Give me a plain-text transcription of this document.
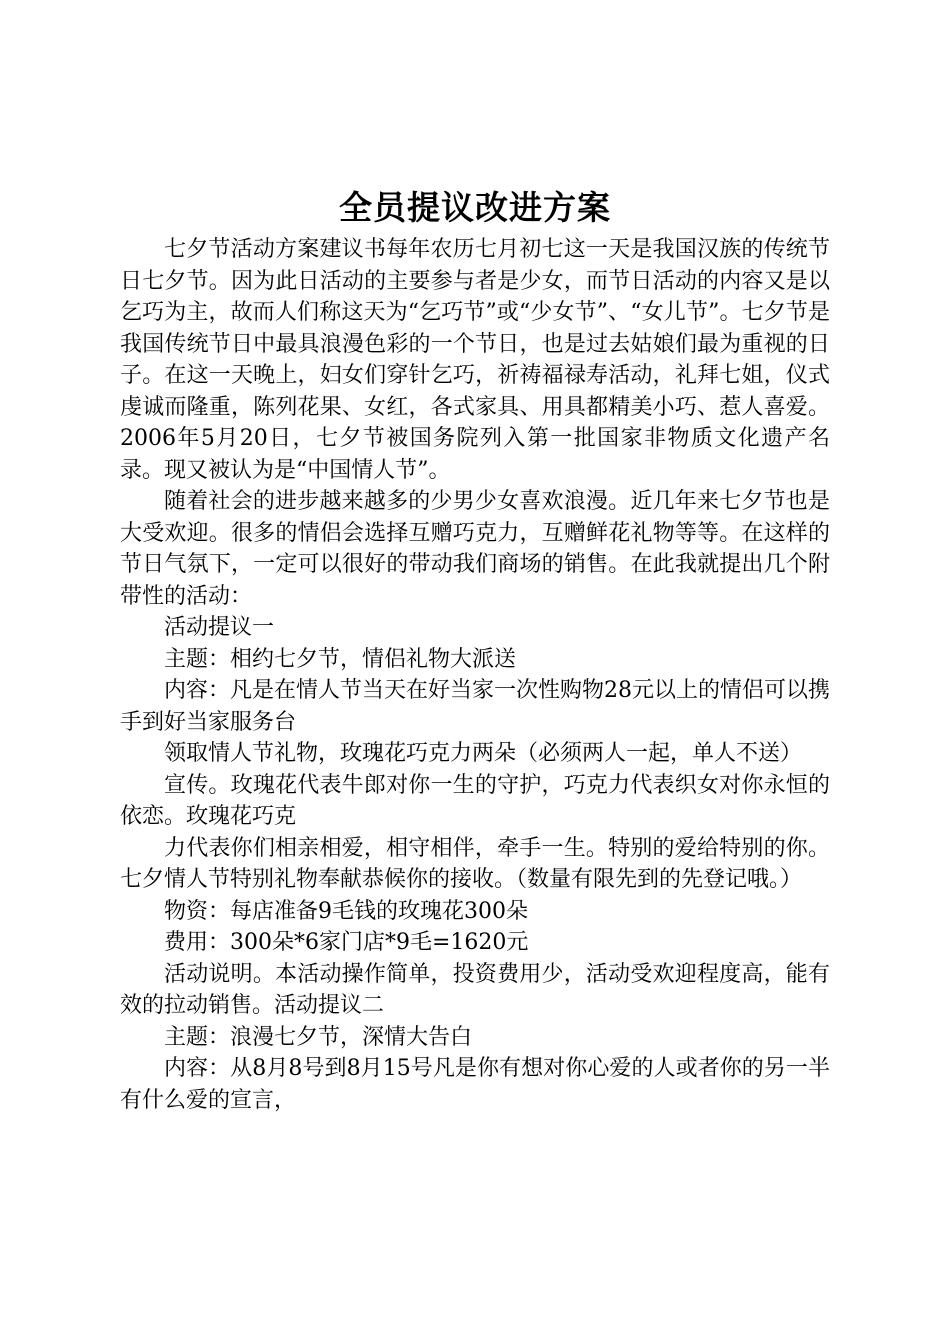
全员提议改进方案

七夕节活动方案建议书每年农历七月初七这一天是我国汉族的传统节日七夕节。因为此日活动的主要参与者是少女，而节日活动的内容又是以乞巧为主，故而人们称这天为“乞巧节”或“少女节”、“女儿节”。七夕节是我国传统节日中最具浪漫色彩的一个节日，也是过去姑娘们最为重视的日子。在这一天晚上，妇女们穿针乞巧，祈祷福禄寿活动，礼拜七姐，仪式虔诚而隆重，陈列花果、女红，各式家具、用具都精美小巧、惹人喜爱。2006年5月20日，七夕节被国务院列入第一批国家非物质文化遗产名录。现又被认为是“中国情人节”。

随着社会的进步越来越多的少男少女喜欢浪漫。近几年来七夕节也是大受欢迎。很多的情侣会选择互赠巧克力，互赠鲜花礼物等等。在这样的节日气氛下，一定可以很好的带动我们商场的销售。在此我就提出几个附带性的活动：

活动提议一

主题：相约七夕节，情侣礼物大派送

内容：凡是在情人节当天在好当家一次性购物28元以上的情侣可以携手到好当家服务台

领取情人节礼物，玫瑰花巧克力两朵（必须两人一起，单人不送）

宣传。玫瑰花代表牛郎对你一生的守护，巧克力代表织女对你永恒的依恋。玫瑰花巧克

力代表你们相亲相爱，相守相伴，牵手一生。特别的爱给特别的你。七夕情人节特别礼物奉献恭候你的接收。（数量有限先到的先登记哦。）

物资：每店准备9毛钱的玫瑰花300朵

费用：300朵*6家门店*9毛=1620元

活动说明。本活动操作简单，投资费用少，活动受欢迎程度高，能有效的拉动销售。活动提议二

主题：浪漫七夕节，深情大告白

内容：从8月8号到8月15号凡是你有想对你心爱的人或者你的另一半有什么爱的宣言，
